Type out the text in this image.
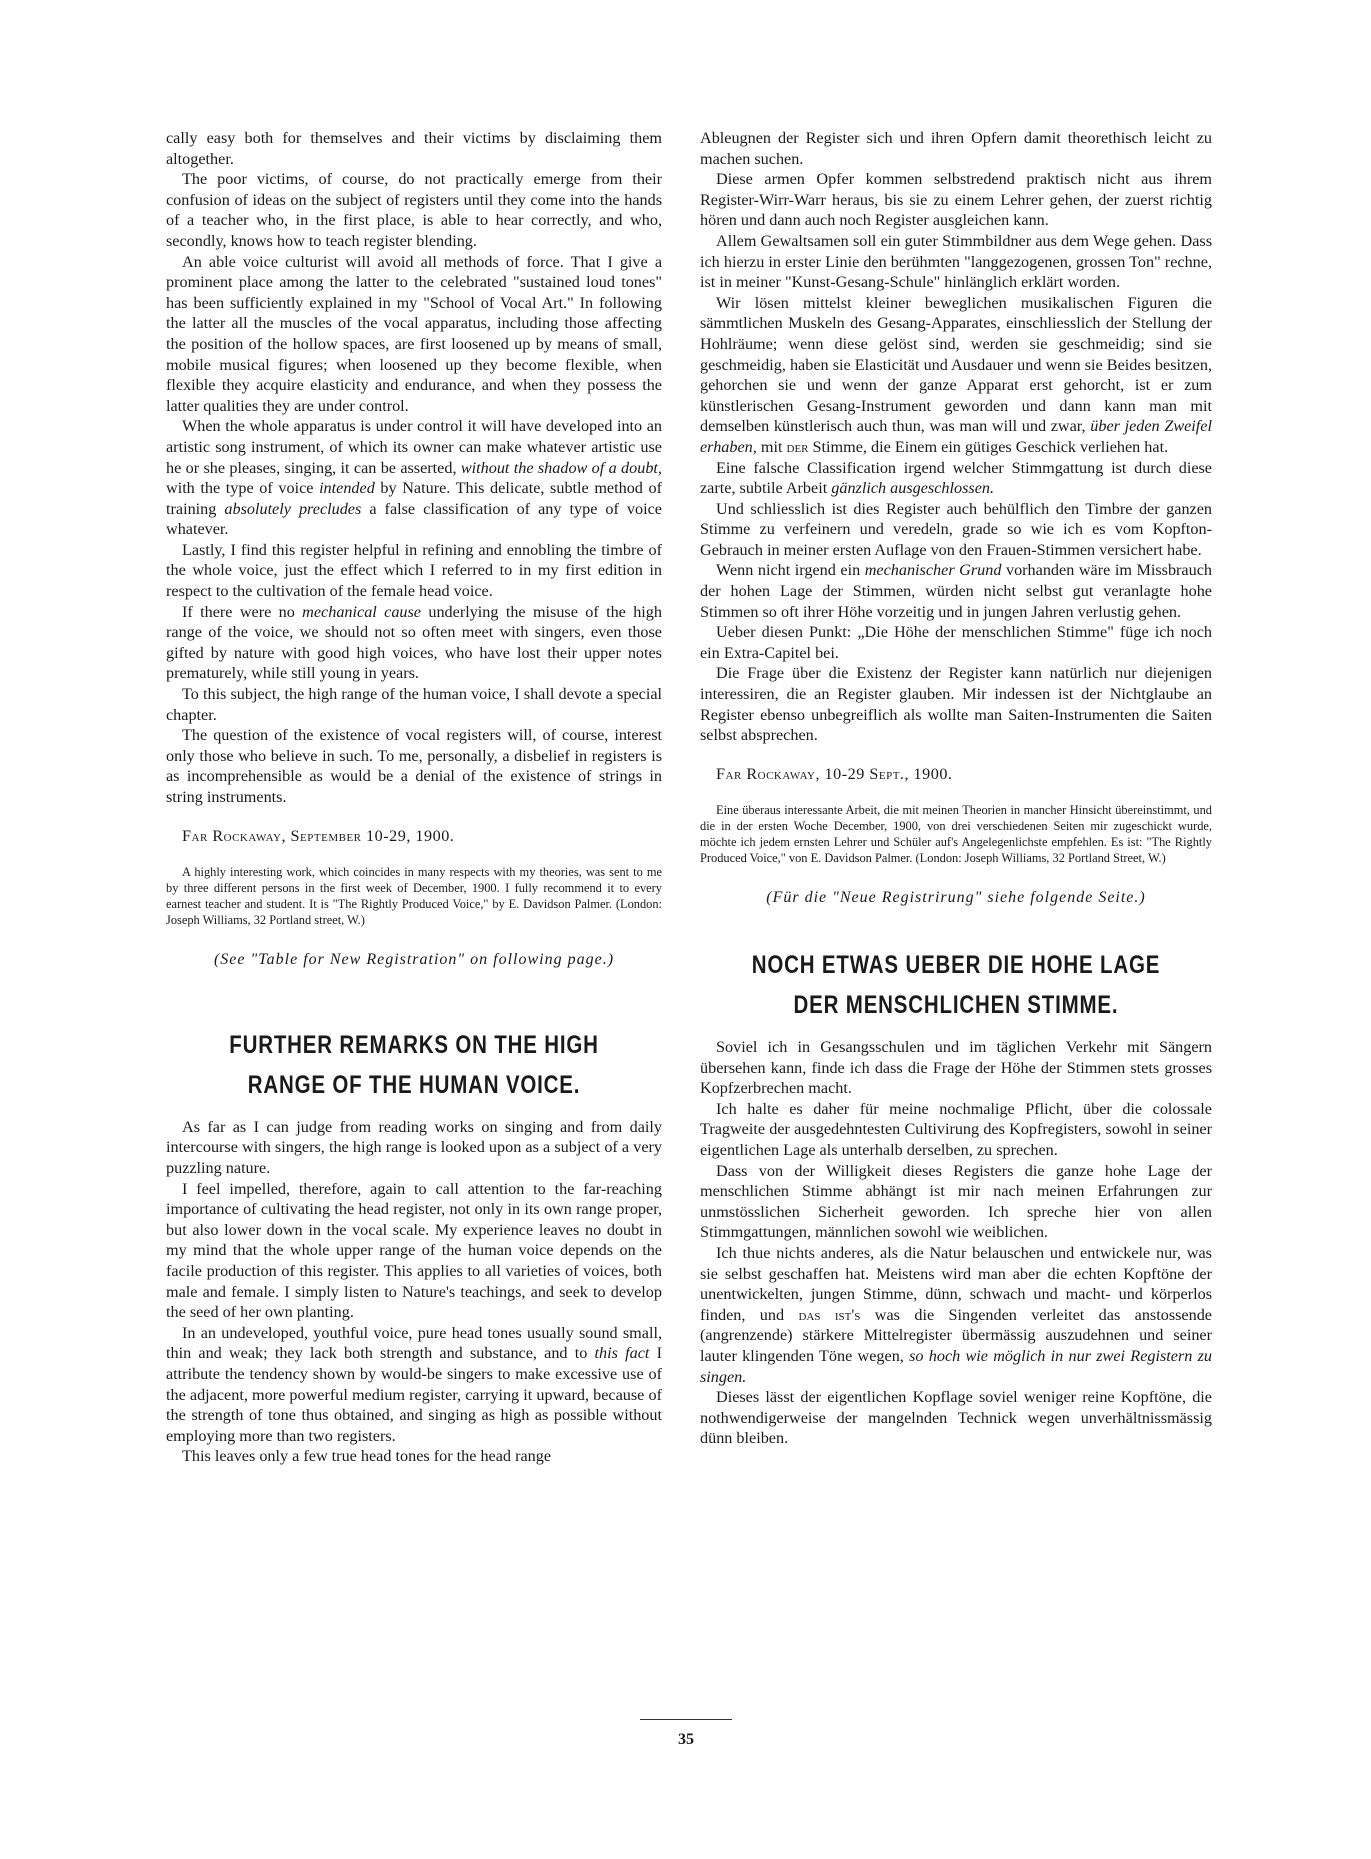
cally easy both for themselves and their victims by disclaiming them altogether.

The poor victims, of course, do not practically emerge from their confusion of ideas on the subject of registers until they come into the hands of a teacher who, in the first place, is able to hear correctly, and who, secondly, knows how to teach register blending.

An able voice culturist will avoid all methods of force. That I give a prominent place among the latter to the celebrated "sustained loud tones" has been sufficiently explained in my "School of Vocal Art." In following the latter all the muscles of the vocal apparatus, including those affecting the position of the hollow spaces, are first loosened up by means of small, mobile musical figures; when loosened up they become flexible, when flexible they acquire elasticity and endurance, and when they possess the latter qualities they are under control.

When the whole apparatus is under control it will have developed into an artistic song instrument, of which its owner can make whatever artistic use he or she pleases, singing, it can be asserted, without the shadow of a doubt, with the type of voice intended by Nature. This delicate, subtle method of training absolutely precludes a false classification of any type of voice whatever.

Lastly, I find this register helpful in refining and ennobling the timbre of the whole voice, just the effect which I referred to in my first edition in respect to the cultivation of the female head voice.

If there were no mechanical cause underlying the misuse of the high range of the voice, we should not so often meet with singers, even those gifted by nature with good high voices, who have lost their upper notes prematurely, while still young in years.

To this subject, the high range of the human voice, I shall devote a special chapter.

The question of the existence of vocal registers will, of course, interest only those who believe in such. To me, personally, a disbelief in registers is as incomprehensible as would be a denial of the existence of strings in string instruments.

Far Rockaway, September 10-29, 1900.

A highly interesting work, which coincides in many respects with my theories, was sent to me by three different persons in the first week of December, 1900. I fully recommend it to every earnest teacher and student. It is "The Rightly Produced Voice," by E. Davidson Palmer. (London: Joseph Williams, 32 Portland street, W.)

(See "Table for New Registration" on following page.)

FURTHER REMARKS ON THE HIGH
RANGE OF THE HUMAN VOICE.

As far as I can judge from reading works on singing and from daily intercourse with singers, the high range is looked upon as a subject of a very puzzling nature.

I feel impelled, therefore, again to call attention to the far-reaching importance of cultivating the head register, not only in its own range proper, but also lower down in the vocal scale. My experience leaves no doubt in my mind that the whole upper range of the human voice depends on the facile production of this register. This applies to all varieties of voices, both male and female. I simply listen to Nature's teachings, and seek to develop the seed of her own planting.

In an undeveloped, youthful voice, pure head tones usually sound small, thin and weak; they lack both strength and substance, and to this fact I attribute the tendency shown by would-be singers to make excessive use of the adjacent, more powerful medium register, carrying it upward, because of the strength of tone thus obtained, and singing as high as possible without employing more than two registers.

This leaves only a few true head tones for the head range

Ableugnen der Register sich und ihren Opfern damit theorethisch leicht zu machen suchen.

Diese armen Opfer kommen selbstredend praktisch nicht aus ihrem Register-Wirr-Warr heraus, bis sie zu einem Lehrer gehen, der zuerst richtig hören und dann auch noch Register ausgleichen kann.

Allem Gewaltsamen soll ein guter Stimmbildner aus dem Wege gehen. Dass ich hierzu in erster Linie den berühmten "langgezogenen, grossen Ton" rechne, ist in meiner "Kunst-Gesang-Schule" hinlänglich erklärt worden.

Wir lösen mittelst kleiner beweglichen musikalischen Figuren die sämmtlichen Muskeln des Gesang-Apparates, einschliesslich der Stellung der Hohlräume; wenn diese gelöst sind, werden sie geschmeidig; sind sie geschmeidig, haben sie Elasticität und Ausdauer und wenn sie Beides besitzen, gehorchen sie und wenn der ganze Apparat erst gehorcht, ist er zum künstlerischen Gesang-Instrument geworden und dann kann man mit demselben künstlerisch auch thun, was man will und zwar, über jeden Zweifel erhaben, mit der Stimme, die Einem ein gütiges Geschick verliehen hat.

Eine falsche Classification irgend welcher Stimmgattung ist durch diese zarte, subtile Arbeit gänzlich ausgeschlossen.

Und schliesslich ist dies Register auch behülflich den Timbre der ganzen Stimme zu verfeinern und veredeln, grade so wie ich es vom Kopfton-Gebrauch in meiner ersten Auflage von den Frauen-Stimmen versichert habe.

Wenn nicht irgend ein mechanischer Grund vorhanden wäre im Missbrauch der hohen Lage der Stimmen, würden nicht selbst gut veranlagte hohe Stimmen so oft ihrer Höhe vorzeitig und in jungen Jahren verlustig gehen.

Ueber diesen Punkt: „Die Höhe der menschlichen Stimme" füge ich noch ein Extra-Capitel bei.

Die Frage über die Existenz der Register kann natürlich nur diejenigen interessiren, die an Register glauben. Mir indessen ist der Nichtglaube an Register ebenso unbegreiflich als wollte man Saiten-Instrumenten die Saiten selbst absprechen.

Far Rockaway, 10-29 Sept., 1900.

Eine überaus interessante Arbeit, die mit meinen Theorien in mancher Hinsicht übereinstimmt, und die in der ersten Woche December, 1900, von drei verschiedenen Seiten mir zugeschickt wurde, möchte ich jedem ernsten Lehrer und Schüler auf's Angelegenlichste empfehlen. Es ist: "The Rightly Produced Voice," von E. Davidson Palmer. (London: Joseph Williams, 32 Portland Street, W.)

(Für die "Neue Registrirung" siehe folgende Seite.)

NOCH ETWAS UEBER DIE HOHE LAGE
DER MENSCHLICHEN STIMME.

Soviel ich in Gesangsschulen und im täglichen Verkehr mit Sängern übersehen kann, finde ich dass die Frage der Höhe der Stimmen stets grosses Kopfzerbrechen macht.

Ich halte es daher für meine nochmalige Pflicht, über die colossale Tragweite der ausgedehntesten Cultivirung des Kopfregisters, sowohl in seiner eigentlichen Lage als unterhalb derselben, zu sprechen.

Dass von der Willigkeit dieses Registers die ganze hohe Lage der menschlichen Stimme abhängt ist mir nach meinen Erfahrungen zur unmstösslichen Sicherheit geworden. Ich spreche hier von allen Stimmgattungen, männlichen sowohl wie weiblichen.

Ich thue nichts anderes, als die Natur belauschen und entwickele nur, was sie selbst geschaffen hat. Meistens wird man aber die echten Kopftöne der unentwickelten, jungen Stimme, dünn, schwach und macht- und körperlos finden, und das ist's was die Singenden verleitet das anstossende (angrenzende) stärkere Mittelregister übermässig auszudehnen und seiner lauter klingenden Töne wegen, so hoch wie möglich in nur zwei Registern zu singen.

Dieses lässt der eigentlichen Kopflage soviel weniger reine Kopftöne, die nothwendigerweise der mangelnden Technick wegen unverhältnissmässig dünn bleiben.

35
